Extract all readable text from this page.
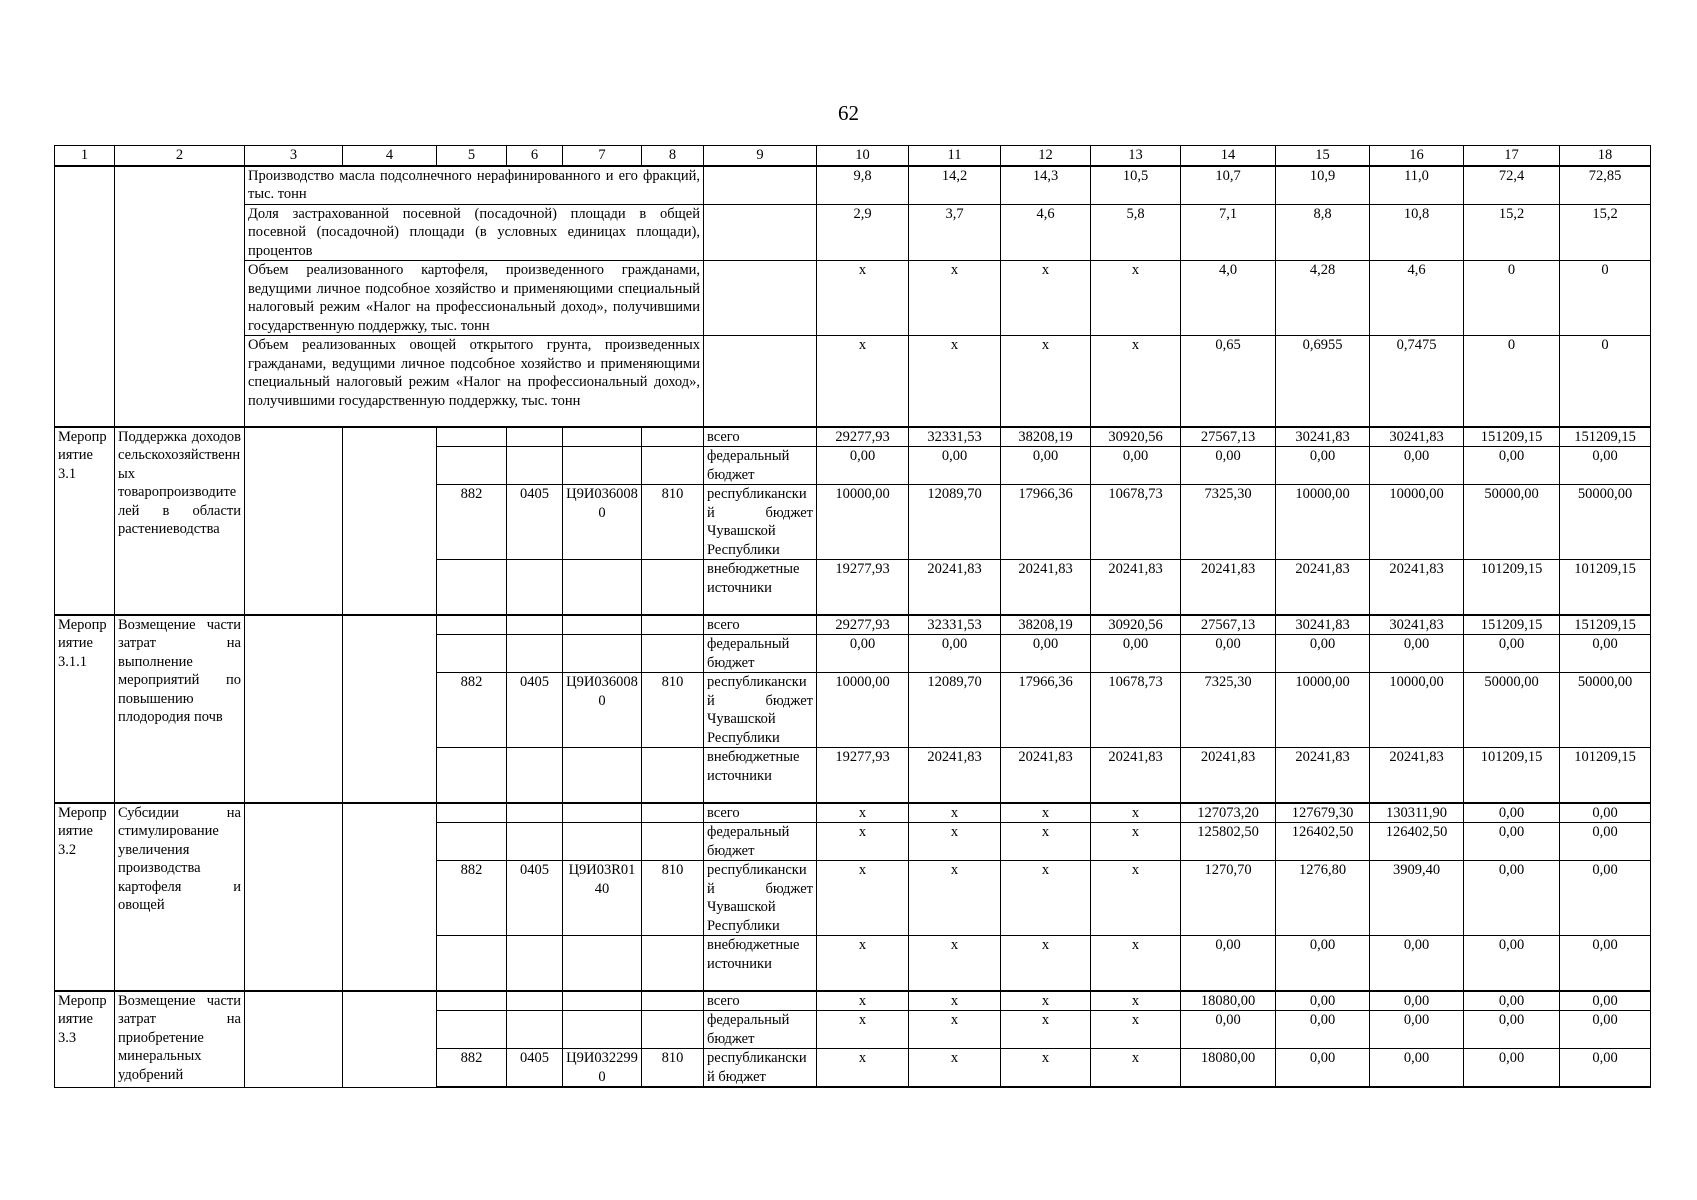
62
1	2	3	4	5	6	7	8	9	10	11	12	13	14	15	16	17	18
		Производство масла подсолнечного нерафинированного и его фракций, тыс. тонн							9,8	14,2	14,3	10,5	10,7	10,9	11,0	72,4	72,85
		Доля застрахованной посевной (посадочной) площади в общей посевной (посадочной) площади (в условных единицах площади), процентов							2,9	3,7	4,6	5,8	7,1	8,8	10,8	15,2	15,2
		Объем реализованного картофеля, произведенного гражданами, ведущими личное подсобное хозяйство и применяющими специальный налоговый режим «Налог на профессиональный доход», получившими государственную поддержку, тыс. тонн							x	x	x	x	4,0	4,28	4,6	0	0
		Объем реализованных овощей открытого грунта, произведенных гражданами, ведущими личное подсобное хозяйство и применяющими специальный налоговый режим «Налог на профессиональный доход», получившими государственную поддержку, тыс. тонн							x	x	x	x	0,65	0,6955	0,7475	0	0
Мероприятие 3.1	Поддержка доходов сельскохозяйственных товаропроизводителей в области растениеводства							всего	29277,93	32331,53	38208,19	30920,56	27567,13	30241,83	30241,83	151209,15	151209,15
								федеральный бюджет	0,00	0,00	0,00	0,00	0,00	0,00	0,00	0,00	0,00
				882	0405	Ц9И0360080	810	республиканский бюджет Чувашской Республики	10000,00	12089,70	17966,36	10678,73	7325,30	10000,00	10000,00	50000,00	50000,00
								внебюджетные источники	19277,93	20241,83	20241,83	20241,83	20241,83	20241,83	20241,83	101209,15	101209,15
Мероприятие 3.1.1	Возмещение части затрат на выполнение мероприятий по повышению плодородия почв							всего	29277,93	32331,53	38208,19	30920,56	27567,13	30241,83	30241,83	151209,15	151209,15
								федеральный бюджет	0,00	0,00	0,00	0,00	0,00	0,00	0,00	0,00	0,00
				882	0405	Ц9И0360080	810	республиканский бюджет Чувашской Республики	10000,00	12089,70	17966,36	10678,73	7325,30	10000,00	10000,00	50000,00	50000,00
								внебюджетные источники	19277,93	20241,83	20241,83	20241,83	20241,83	20241,83	20241,83	101209,15	101209,15
Мероприятие 3.2	Субсидии на стимулирование увеличения производства картофеля и овощей							всего	x	x	x	x	127073,20	127679,30	130311,90	0,00	0,00
								федеральный бюджет	x	x	x	x	125802,50	126402,50	126402,50	0,00	0,00
				882	0405	Ц9И03R0140	810	республиканский бюджет Чувашской Республики	x	x	x	x	1270,70	1276,80	3909,40	0,00	0,00
								внебюджетные источники	x	x	x	x	0,00	0,00	0,00	0,00	0,00
Мероприятие 3.3	Возмещение части затрат на приобретение минеральных удобрений							всего	x	x	x	x	18080,00	0,00	0,00	0,00	0,00
								федеральный бюджет	x	x	x	x	0,00	0,00	0,00	0,00	0,00
				882	0405	Ц9И0322990	810	республиканский бюджет	x	x	x	x	18080,00	0,00	0,00	0,00	0,00
